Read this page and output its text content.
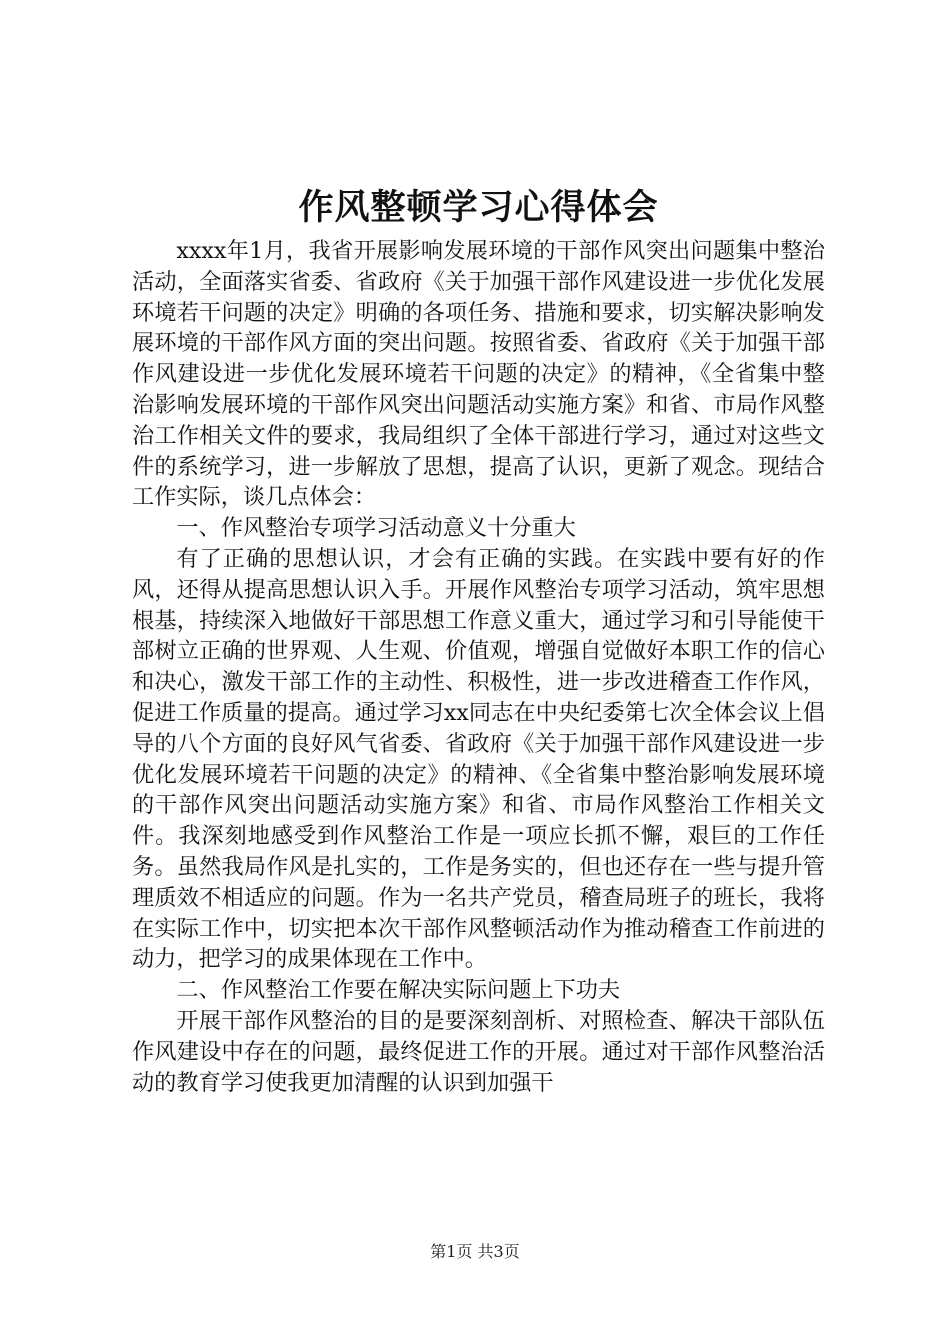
作风整顿学习心得体会

xxxx年1月，我省开展影响发展环境的干部作风突出问题集中整治活动，全面落实省委、省政府《关于加强干部作风建设进一步优化发展环境若干问题的决定》明确的各项任务、措施和要求，切实解决影响发展环境的干部作风方面的突出问题。按照省委、省政府《关于加强干部作风建设进一步优化发展环境若干问题的决定》的精神，《全省集中整治影响发展环境的干部作风突出问题活动实施方案》和省、市局作风整治工作相关文件的要求，我局组织了全体干部进行学习，通过对这些文件的系统学习，进一步解放了思想，提高了认识，更新了观念。现结合工作实际，谈几点体会：

一、作风整治专项学习活动意义十分重大

有了正确的思想认识，才会有正确的实践。在实践中要有好的作风，还得从提高思想认识入手。开展作风整治专项学习活动，筑牢思想根基，持续深入地做好干部思想工作意义重大，通过学习和引导能使干部树立正确的世界观、人生观、价值观，增强自觉做好本职工作的信心和决心，激发干部工作的主动性、积极性，进一步改进稽查工作作风，促进工作质量的提高。通过学习xx同志在中央纪委第七次全体会议上倡导的八个方面的良好风气省委、省政府《关于加强干部作风建设进一步优化发展环境若干问题的决定》的精神、《全省集中整治影响发展环境的干部作风突出问题活动实施方案》和省、市局作风整治工作相关文件。我深刻地感受到作风整治工作是一项应长抓不懈，艰巨的工作任务。虽然我局作风是扎实的，工作是务实的，但也还存在一些与提升管理质效不相适应的问题。作为一名共产党员，稽查局班子的班长，我将在实际工作中，切实把本次干部作风整顿活动作为推动稽查工作前进的动力，把学习的成果体现在工作中。

二、作风整治工作要在解决实际问题上下功夫

开展干部作风整治的目的是要深刻剖析、对照检查、解决干部队伍作风建设中存在的问题，最终促进工作的开展。通过对干部作风整治活动的教育学习使我更加清醒的认识到加强干

第1页 共3页
